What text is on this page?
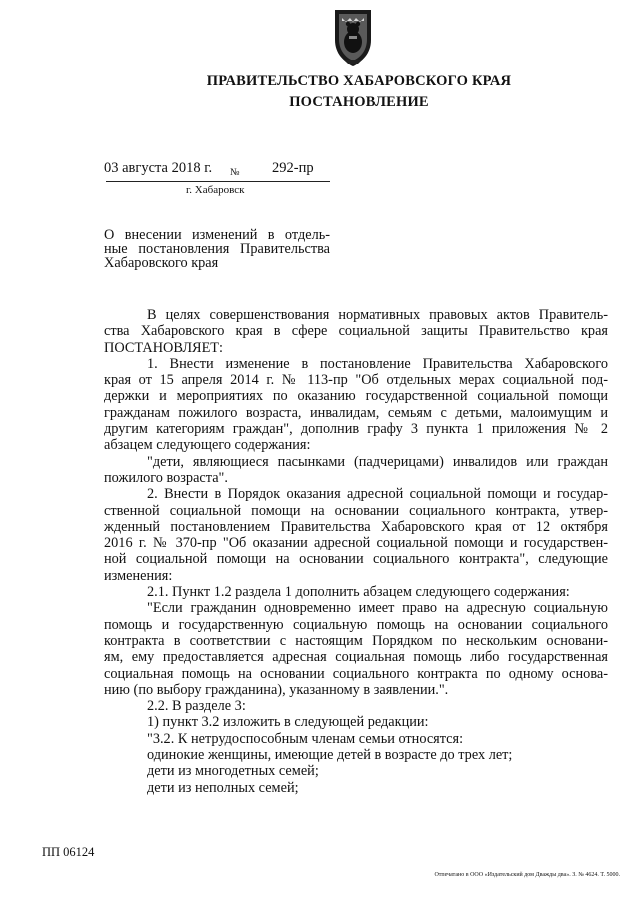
ПРАВИТЕЛЬСТВО ХАБАРОВСКОГО КРАЯ
ПОСТАНОВЛЕНИЕ
03 августа 2018 г. № 292-пр
г. Хабаровск
О внесении изменений в отдель-
ные постановления Правительства
Хабаровского края
В целях совершенствования нормативных правовых актов Правитель-
ства Хабаровского края в сфере социальной защиты Правительство края
ПОСТАНОВЛЯЕТ:
1. Внести изменение в постановление Правительства Хабаровского
края от 15 апреля 2014 г. № 113-пр "Об отдельных мерах социальной под-
держки и мероприятиях по оказанию государственной социальной помощи
гражданам пожилого возраста, инвалидам, семьям с детьми, малоимущим и
другим категориям граждан", дополнив графу 3 пункта 1 приложения № 2
абзацем следующего содержания:
"дети, являющиеся пасынками (падчерицами) инвалидов или граждан
пожилого возраста".
2. Внести в Порядок оказания адресной социальной помощи и государ-
ственной социальной помощи на основании социального контракта, утвер-
жденный постановлением Правительства Хабаровского края от 12 октября
2016 г. № 370-пр "Об оказании адресной социальной помощи и государствен-
ной социальной помощи на основании социального контракта", следующие
изменения:
2.1. Пункт 1.2 раздела 1 дополнить абзацем следующего содержания:
"Если гражданин одновременно имеет право на адресную социальную
помощь и государственную социальную помощь на основании социального
контракта в соответствии с настоящим Порядком по нескольким основани-
ям, ему предоставляется адресная социальная помощь либо государственная
социальная помощь на основании социального контракта по одному основа-
нию (по выбору гражданина), указанному в заявлении.".
2.2. В разделе 3:
1) пункт 3.2 изложить в следующей редакции:
"3.2. К нетрудоспособным членам семьи относятся:
одинокие женщины, имеющие детей в возрасте до трех лет;
дети из многодетных семей;
дети из неполных семей;
ПП 06124
Отпечатано в ООО «Издательский дом Дважды два». З. № 4624. Т. 5000.
